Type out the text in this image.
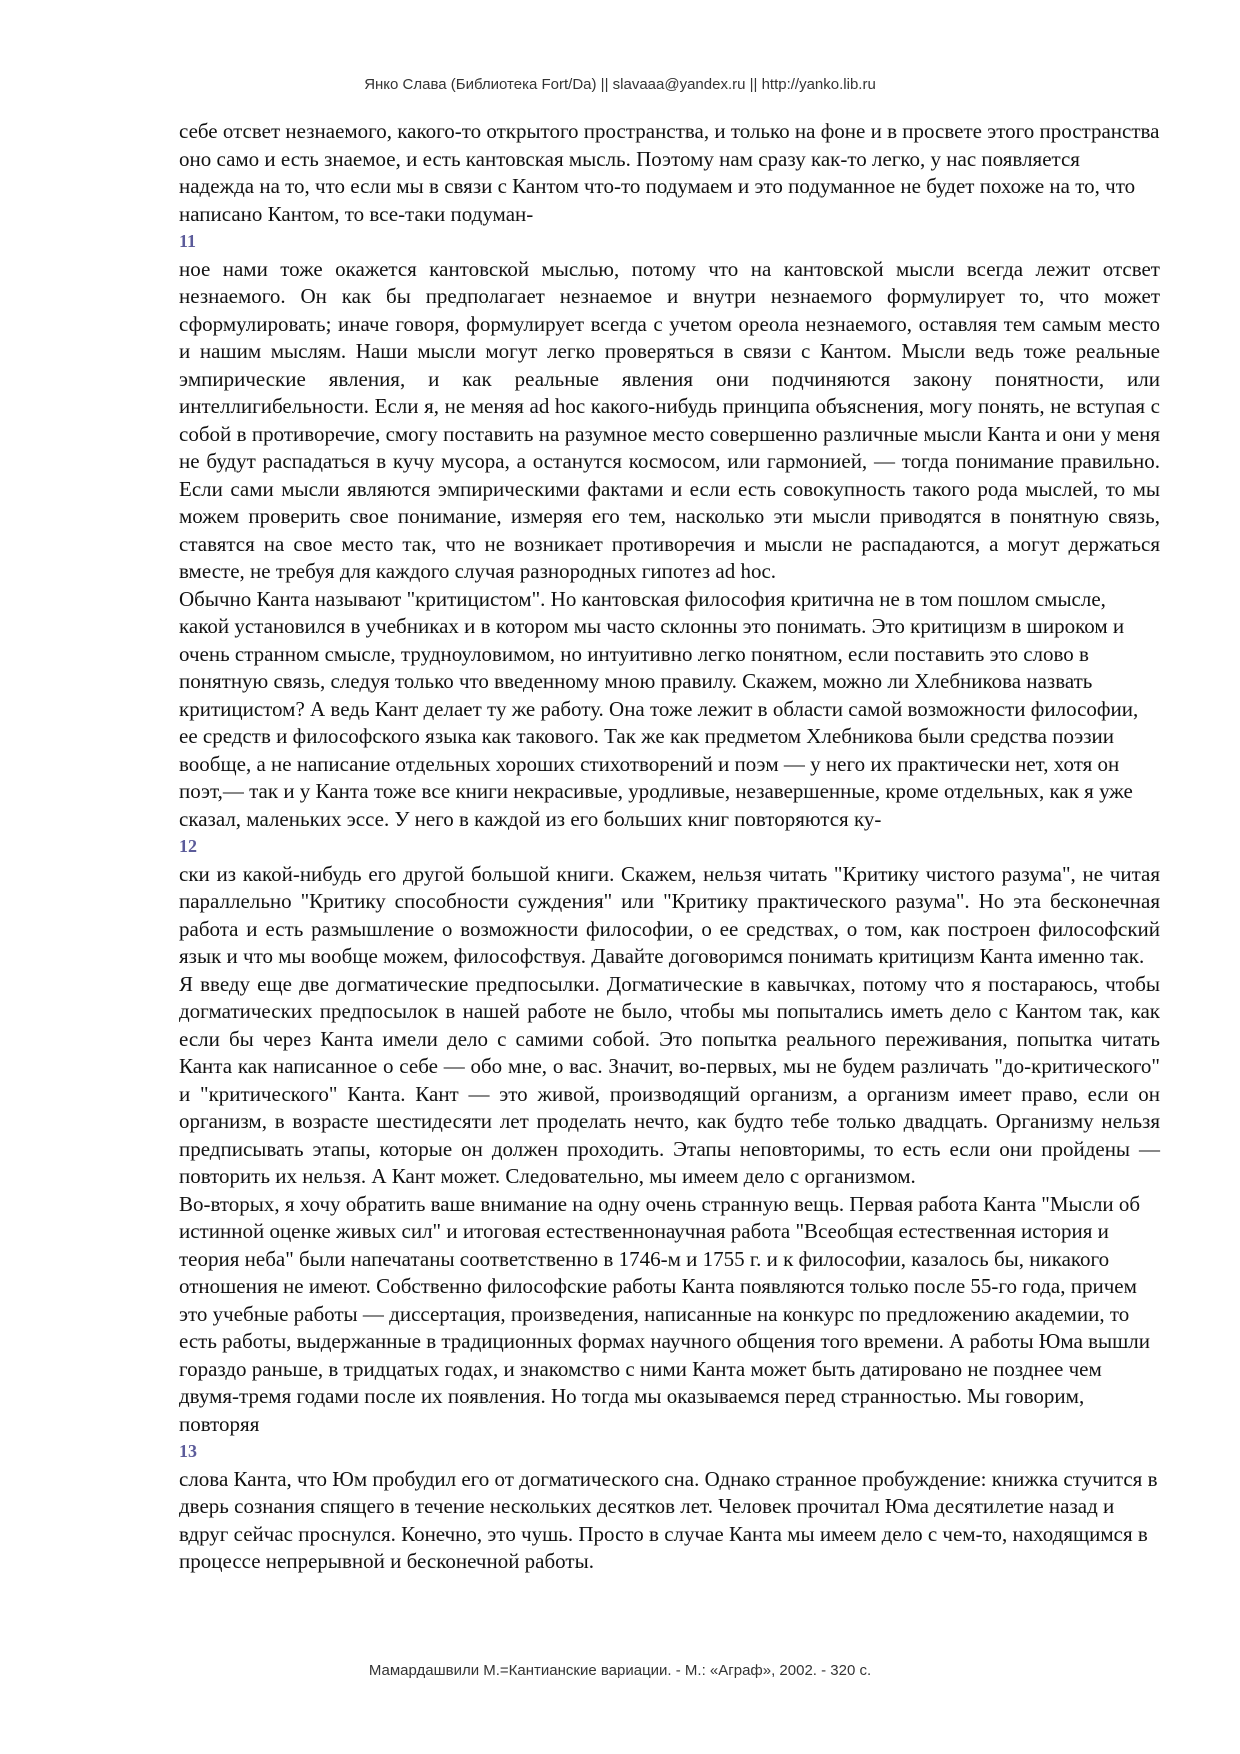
Янко Слава (Библиотека Fort/Da) || slavaaa@yandex.ru || http://yanko.lib.ru

себе отсвет незнаемого, какого-то открытого пространства, и только на фоне и в просвете этого пространства оно само и есть знаемое, и есть кантовская мысль. Поэтому нам сразу как-то легко, у нас появляется надежда на то, что если мы в связи с Кантом что-то подумаем и это подуманное не будет похоже на то, что написано Кантом, то все-таки подуман-

11

ное нами тоже окажется кантовской мыслью, потому что на кантовской мысли всегда лежит отсвет незнаемого. Он как бы предполагает незнаемое и внутри незнаемого формулирует то, что может сформулировать; иначе говоря, формулирует всегда с учетом ореола незнаемого, оставляя тем самым место и нашим мыслям. Наши мысли могут легко проверяться в связи с Кантом. Мысли ведь тоже реальные эмпирические явления, и как реальные явления они подчиняются закону понятности, или интеллигибельности. Если я, не меняя ad hoc какого-нибудь принципа объяснения, могу понять, не вступая с собой в противоречие, смогу поставить на разумное место совершенно различные мысли Канта и они у меня не будут распадаться в кучу мусора, а останутся космосом, или гармонией, — тогда понимание правильно. Если сами мысли являются эмпирическими фактами и если есть совокупность такого рода мыслей, то мы можем проверить свое понимание, измеряя его тем, насколько эти мысли приводятся в понятную связь, ставятся на свое место так, что не возникает противоречия и мысли не распадаются, а могут держаться вместе, не требуя для каждого случая разнородных гипотез ad hoc.

Обычно Канта называют "критицистом". Но кантовская философия критична не в том пошлом смысле, какой установился в учебниках и в котором мы часто склонны это понимать. Это критицизм в широком и очень странном смысле, трудноуловимом, но интуитивно легко понятном, если поставить это слово в понятную связь, следуя только что введенному мною правилу. Скажем, можно ли Хлебникова назвать критицистом? А ведь Кант делает ту же работу. Она тоже лежит в области самой возможности философии, ее средств и философского языка как такового. Так же как предметом Хлебникова были средства поэзии вообще, а не написание отдельных хороших стихотворений и поэм — у него их практически нет, хотя он поэт,— так и у Канта тоже все книги некрасивые, уродливые, незавершенные, кроме отдельных, как я уже сказал, маленьких эссе. У него в каждой из его больших книг повторяются ку-

12

ски из какой-нибудь его другой большой книги. Скажем, нельзя читать "Критику чистого разума", не читая параллельно "Критику способности суждения" или "Критику практического разума". Но эта бесконечная работа и есть размышление о возможности философии, о ее средствах, о том, как построен философский язык и что мы вообще можем, философствуя. Давайте договоримся понимать критицизм Канта именно так.

Я введу еще две догматические предпосылки. Догматические в кавычках, потому что я постараюсь, чтобы догматических предпосылок в нашей работе не было, чтобы мы попытались иметь дело с Кантом так, как если бы через Канта имели дело с самими собой. Это попытка реального переживания, попытка читать Канта как написанное о себе — обо мне, о вас. Значит, во-первых, мы не будем различать "до-критического" и "критического" Канта. Кант — это живой, производящий организм, а организм имеет право, если он организм, в возрасте шестидесяти лет проделать нечто, как будто тебе только двадцать. Организму нельзя предписывать этапы, которые он должен проходить. Этапы неповторимы, то есть если они пройдены — повторить их нельзя. А Кант может. Следовательно, мы имеем дело с организмом.

Во-вторых, я хочу обратить ваше внимание на одну очень странную вещь. Первая работа Канта "Мысли об истинной оценке живых сил" и итоговая естественнонаучная работа "Всеобщая естественная история и теория неба" были напечатаны соответственно в 1746-м и 1755 г. и к философии, казалось бы, никакого отношения не имеют. Собственно философские работы Канта появляются только после 55-го года, причем это учебные работы — диссертация, произведения, написанные на конкурс по предложению академии, то есть работы, выдержанные в традиционных формах научного общения того времени. А работы Юма вышли гораздо раньше, в тридцатых годах, и знакомство с ними Канта может быть датировано не позднее чем двумя-тремя годами после их появления. Но тогда мы оказываемся перед странностью. Мы говорим, повторяя

13

слова Канта, что Юм пробудил его от догматического сна. Однако странное пробуждение: книжка стучится в дверь сознания спящего в течение нескольких десятков лет. Человек прочитал Юма десятилетие назад и вдруг сейчас проснулся. Конечно, это чушь. Просто в случае Канта мы имеем дело с чем-то, находящимся в процессе непрерывной и бесконечной работы.

Мамардашвили М.=Кантианские вариации. - М.: «Аграф», 2002. - 320 с.
